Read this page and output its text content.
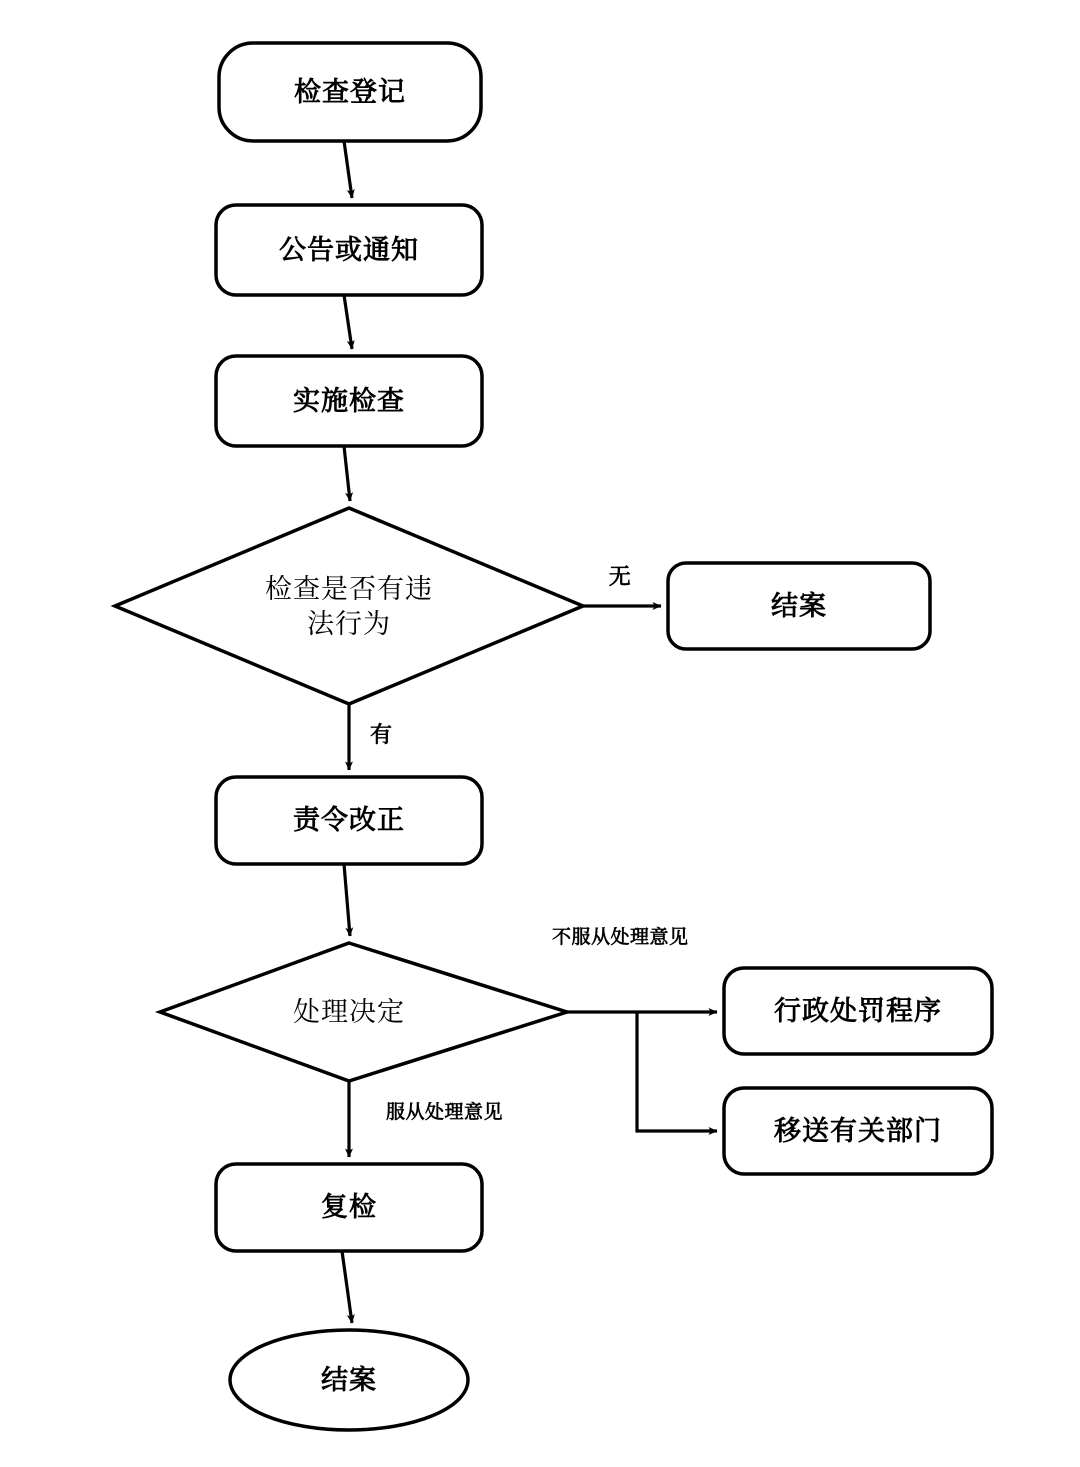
检查登记
公告或通知
实施检查
检查是否有违
法行为
结案
责令改正
处理决定	行政处罚程序
移送有关部门
复检
结案
无
有
不服从处理意见
服从处理意见
